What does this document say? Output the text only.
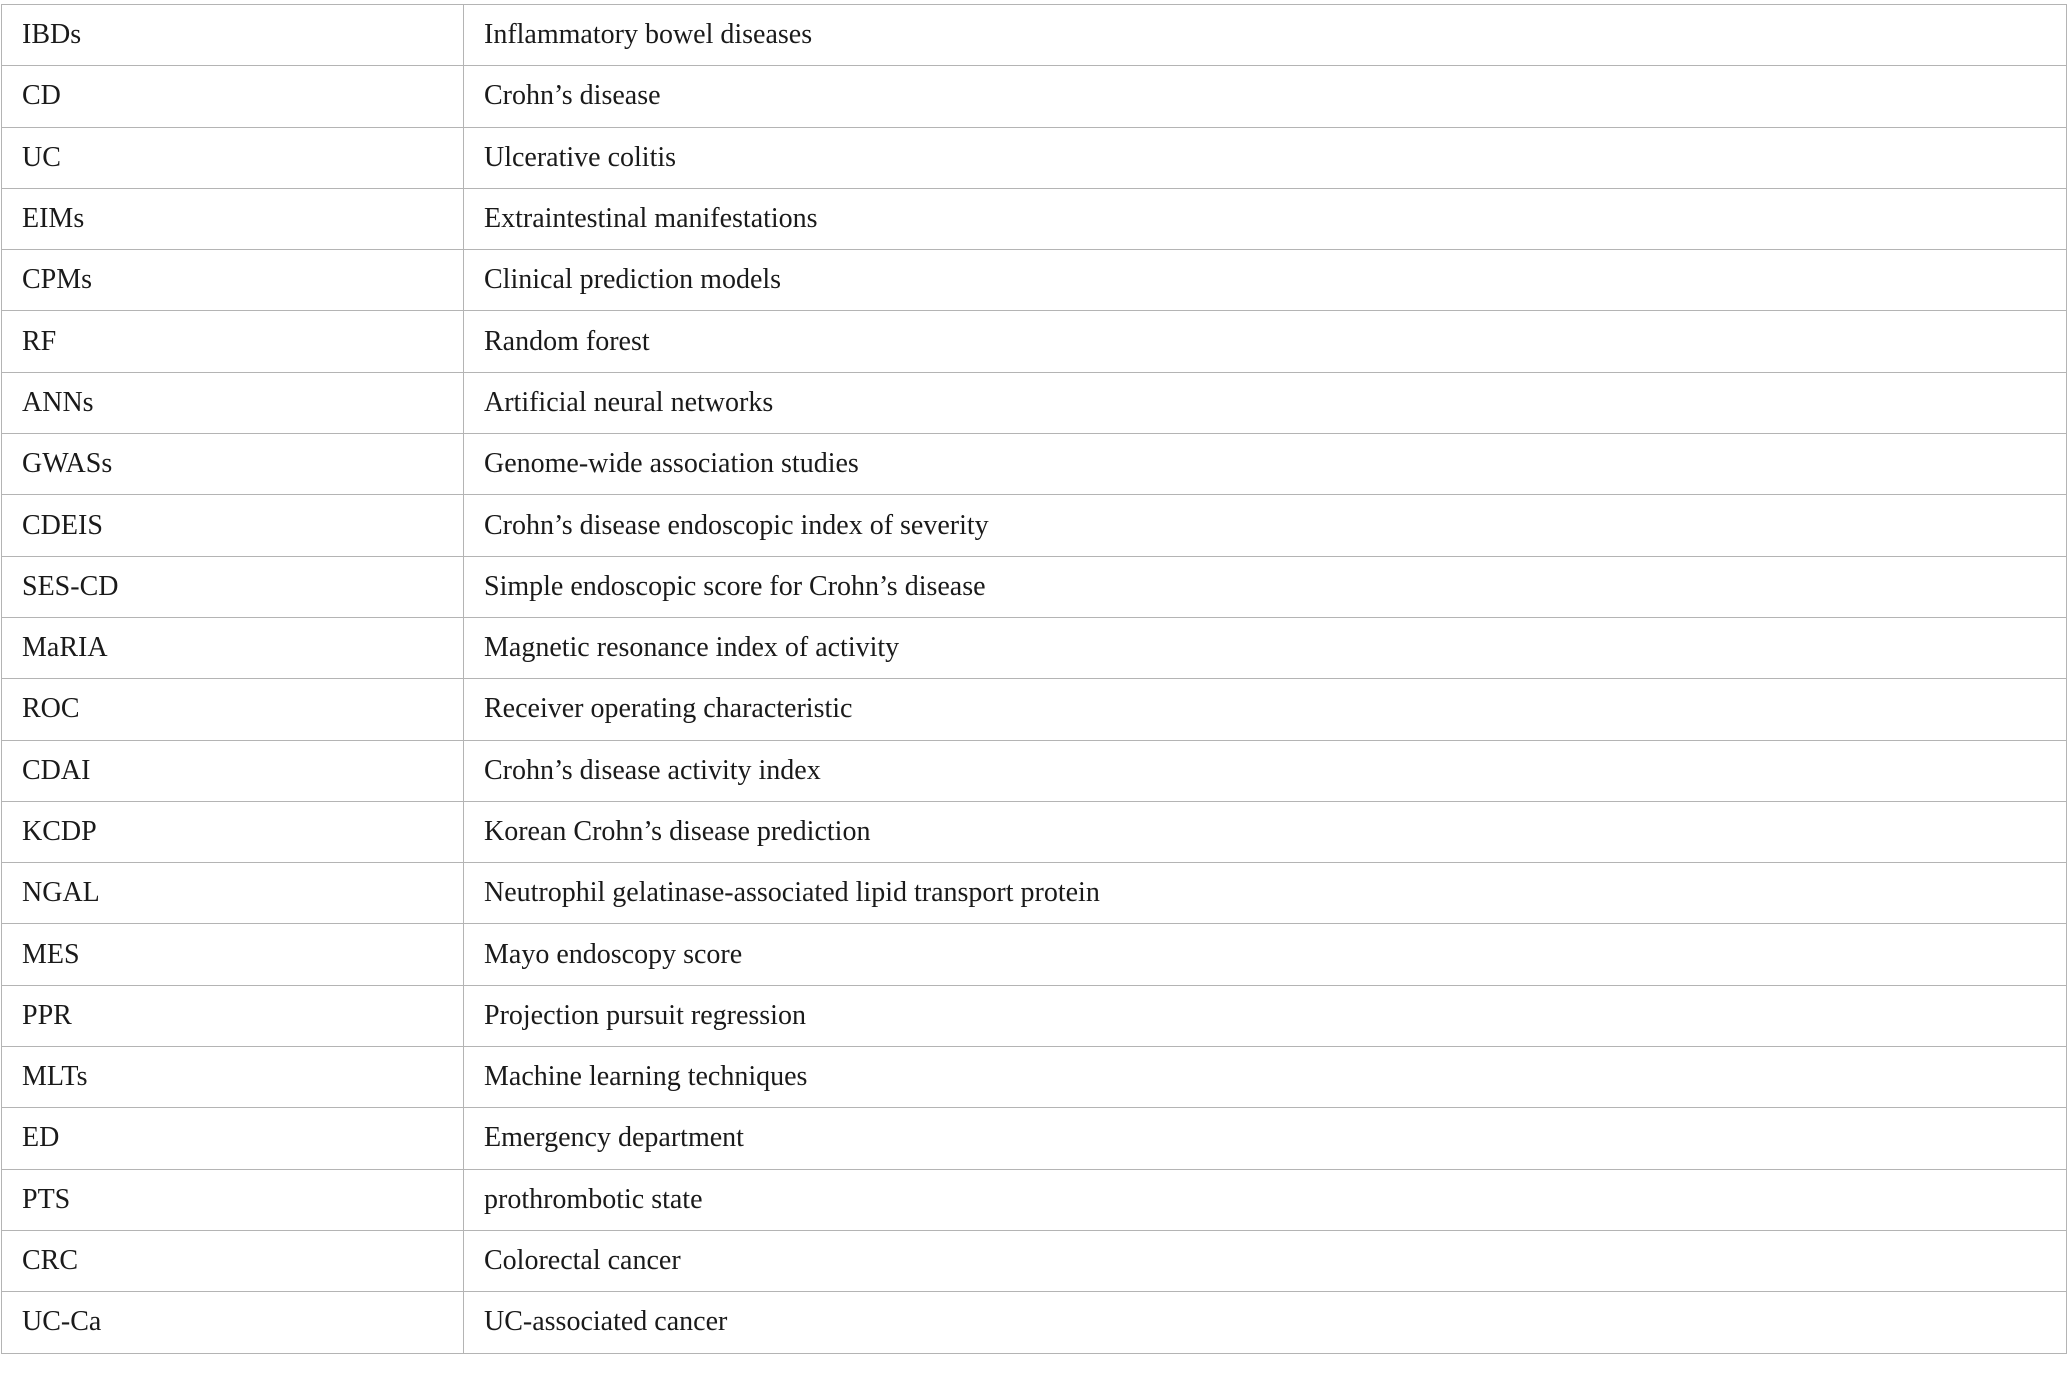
IBDs	Inflammatory bowel diseases
CD	Crohn’s disease
UC	Ulcerative colitis
EIMs	Extraintestinal manifestations
CPMs	Clinical prediction models
RF	Random forest
ANNs	Artificial neural networks
GWASs	Genome-wide association studies
CDEIS	Crohn’s disease endoscopic index of severity
SES-CD	Simple endoscopic score for Crohn’s disease
MaRIA	Magnetic resonance index of activity
ROC	Receiver operating characteristic
CDAI	Crohn’s disease activity index
KCDP	Korean Crohn’s disease prediction
NGAL	Neutrophil gelatinase-associated lipid transport protein
MES	Mayo endoscopy score
PPR	Projection pursuit regression
MLTs	Machine learning techniques
ED	Emergency department
PTS	prothrombotic state
CRC	Colorectal cancer
UC-Ca	UC-associated cancer
